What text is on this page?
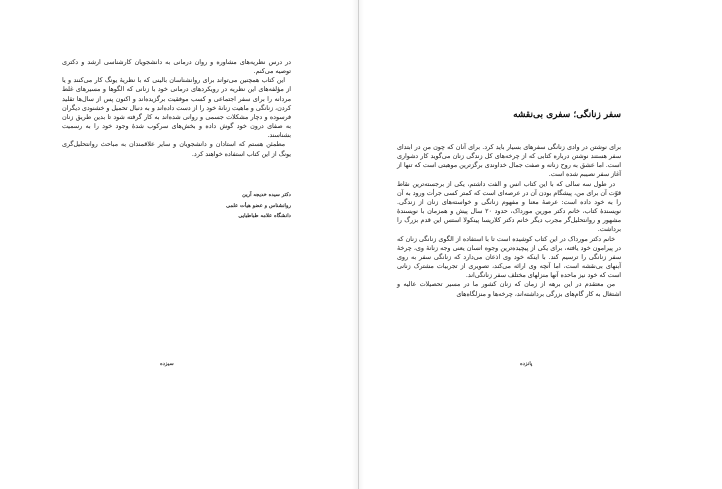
در درس نظریه‌های مشاوره و روان درمانی به دانشجویان کارشناسی ارشد و دکتری توصیه می‌کنم.

این کتاب همچنین می‌تواند برای روانشناسان بالینی که با نظریهٔ یونگ کار می‌کنند و یا از مؤلفه‌های این نظریه در رویکردهای درمانی خود با زنانی که الگوها و مسیرهای غلط مردانه را برای سفر اجتماعی و کسب موفقیت برگزیده‌اند و اکنون پس از سال‌ها تقلید کردن، زنانگی و ماهیت زنانهٔ خود را از دست داده‌اند و به دنبال تحمیل و خشنودی دیگران فرسوده و دچار مشکلات جسمی و روانی شده‌اند به کار گرفته شود تا بدین طریق زنان به صفای درون خود گوش داده و بخش‌های سرکوب شدهٔ وجود خود را به رسمیت بشناسند.

مطمئن هستم که استادان و دانشجویان و سایر علاقمندان به مباحث روانتحلیل‌گری یونگ از این کتاب استفاده خواهند کرد.

دکتر سیده خدیجه آرین
روانشناس و عضو هیأت علمی
دانشگاه علامه طباطبایی
سیزده
سفر زنانگی؛ سفری بی‌نقشه

برای نوشتن در وادی زنانگی سفرهای بسیار باید کرد. برای آنان که چون من در ابتدای سفر هستند نوشتن درباره کتابی که از چرخه‌های کل زندگی زنان می‌گوید کار دشواری است. اما عشق به روح زنانه و صفت جمال خداوندی برگزترین موهبتی است که تنها از آغاز سفر نصیبم شده است.

در طول سه سالی که با این کتاب انس و الفت داشتم، یکی از برجسته‌ترین نقاط قوّت آن برای من، پیشگام بودن آن در عرصه‌ای است که کمتر کسی جرأت ورود به آن را به خود داده است: عرصهٔ معنا و مفهوم زنانگی و خواسته‌های زنان از زندگی. نویسندهٔ کتاب، خانم دکتر مورین مورداک، حدود ۲۰ سال پیش و همزمان با نویسندهٔ مشهور و روانتحلیل‌گر مجرب دیگر خانم دکتر کلاریسا پینکولا استس این قدم بزرگ را برداشت.

خانم دکتر مورداک در این کتاب کوشیده است تا با استفاده از الگوی زنانگی زنان که در پیرامون خود یافته، برای یکی از پیچیده‌ترین وجوه انسان یعنی وجه زنانهٔ وی، چرخهٔ سفر زنانگی را ترسیم کند. با اینکه خود وی اذعان می‌دارد که زنانگی سفر به روی آبنهای بی‌نقشه است، اما آنچه وی ارائه می‌کند، تصویری از تجربیات مشترک زنانی است که خود نیز ماحده آنها منزلهای مختلف سفر زنانگی‌اند.

من معتقدم در این برهه از زمان که زنان کشور ما در مسیر تحصیلات عالیه و اشتغال به کار گام‌های بزرگی برداشته‌اند، چرخه‌ها و منزلگاه‌های

پانزده
